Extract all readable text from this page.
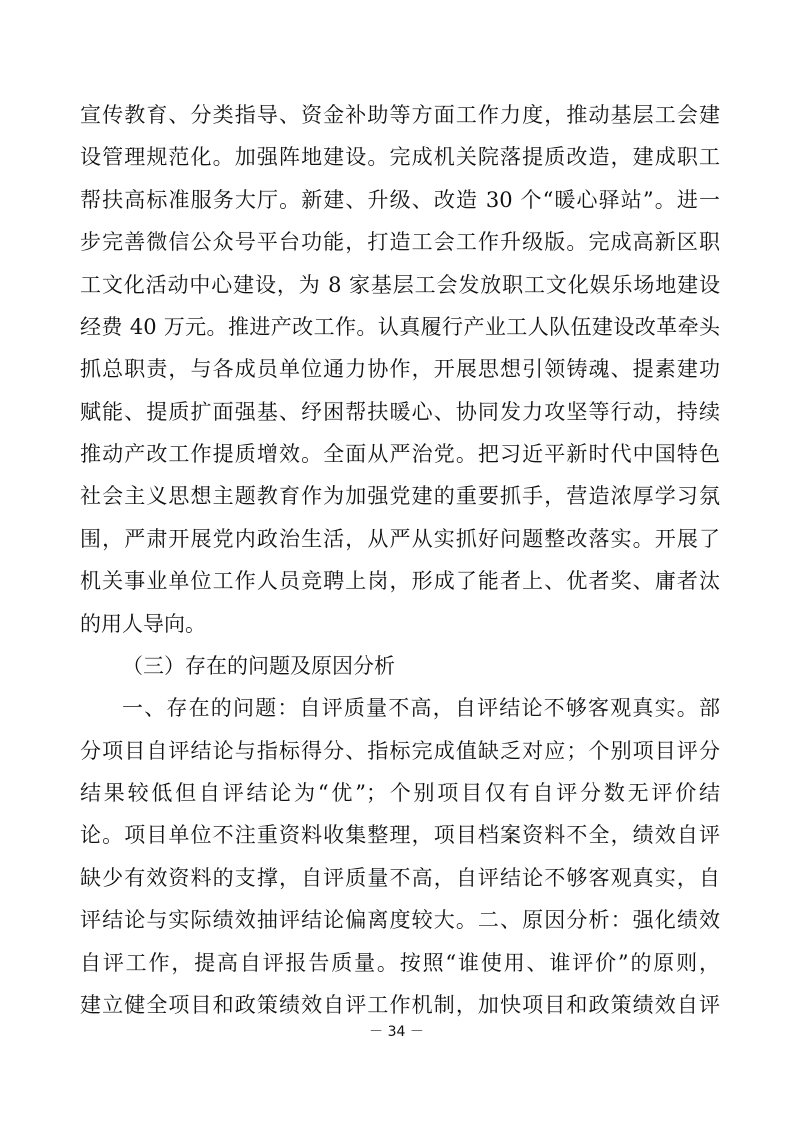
宣传教育、分类指导、资金补助等方面工作力度，推动基层工会建
设管理规范化。加强阵地建设。完成机关院落提质改造，建成职工
帮扶高标准服务大厅。新建、升级、改造 30 个“暖心驿站”。进一
步完善微信公众号平台功能，打造工会工作升级版。完成高新区职
工文化活动中心建设，为 8 家基层工会发放职工文化娱乐场地建设
经费 40 万元。推进产改工作。认真履行产业工人队伍建设改革牵头
抓总职责，与各成员单位通力协作，开展思想引领铸魂、提素建功
赋能、提质扩面强基、纾困帮扶暖心、协同发力攻坚等行动，持续
推动产改工作提质增效。全面从严治党。把习近平新时代中国特色
社会主义思想主题教育作为加强党建的重要抓手，营造浓厚学习氛
围，严肃开展党内政治生活，从严从实抓好问题整改落实。开展了
机关事业单位工作人员竞聘上岗，形成了能者上、优者奖、庸者汰
的用人导向。
（三）存在的问题及原因分析
一、存在的问题：自评质量不高，自评结论不够客观真实。部
分项目自评结论与指标得分、指标完成值缺乏对应；个别项目评分
结果较低但自评结论为“优”；个别项目仅有自评分数无评价结
论。项目单位不注重资料收集整理，项目档案资料不全，绩效自评
缺少有效资料的支撑，自评质量不高，自评结论不够客观真实，自
评结论与实际绩效抽评结论偏离度较大。二、原因分析：强化绩效
－ 34 －
自评工作，提高自评报告质量。按照“谁使用、谁评价”的原则，
建立健全项目和政策绩效自评工作机制，加快项目和政策绩效自评
